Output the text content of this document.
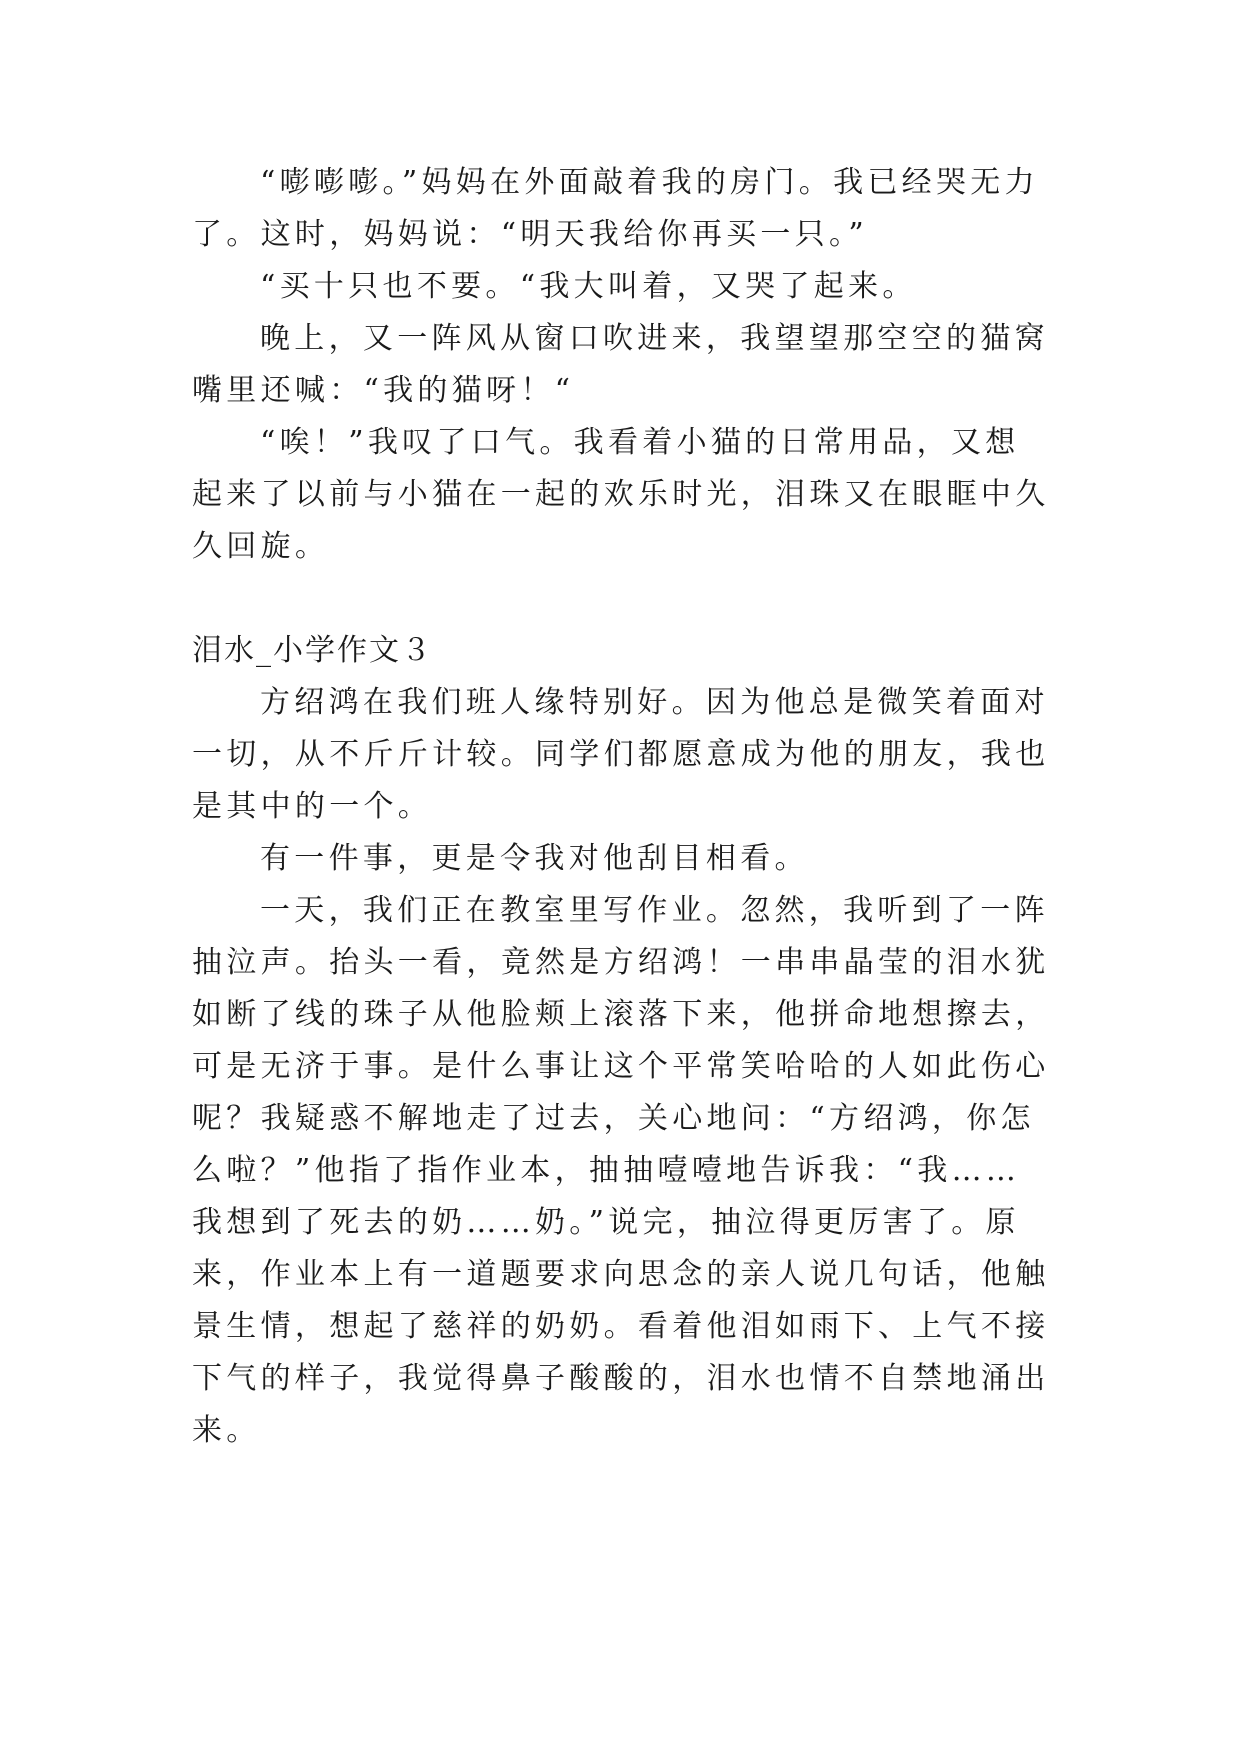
“嘭嘭嘭。”妈妈在外面敲着我的房门。我已经哭无力了。这时，妈妈说：“明天我给你再买一只。”

“买十只也不要。“我大叫着，又哭了起来。

晚上，又一阵风从窗口吹进来，我望望那空空的猫窝嘴里还喊：“我的猫呀！“

“唉！”我叹了口气。我看着小猫的日常用品，又想起来了以前与小猫在一起的欢乐时光，泪珠又在眼眶中久久回旋。

泪水_小学作文３

方绍鸿在我们班人缘特别好。因为他总是微笑着面对一切，从不斤斤计较。同学们都愿意成为他的朋友，我也是其中的一个。

有一件事，更是令我对他刮目相看。

一天，我们正在教室里写作业。忽然，我听到了一阵抽泣声。抬头一看，竟然是方绍鸿！一串串晶莹的泪水犹如断了线的珠子从他脸颊上滚落下来，他拼命地想擦去，可是无济于事。是什么事让这个平常笑哈哈的人如此伤心呢？我疑惑不解地走了过去，关心地问：“方绍鸿，你怎么啦？”他指了指作业本，抽抽噎噎地告诉我：“我……我想到了死去的奶……奶。”说完，抽泣得更厉害了。原来，作业本上有一道题要求向思念的亲人说几句话，他触景生情，想起了慈祥的奶奶。看着他泪如雨下、上气不接下气的样子，我觉得鼻子酸酸的，泪水也情不自禁地涌出来。
